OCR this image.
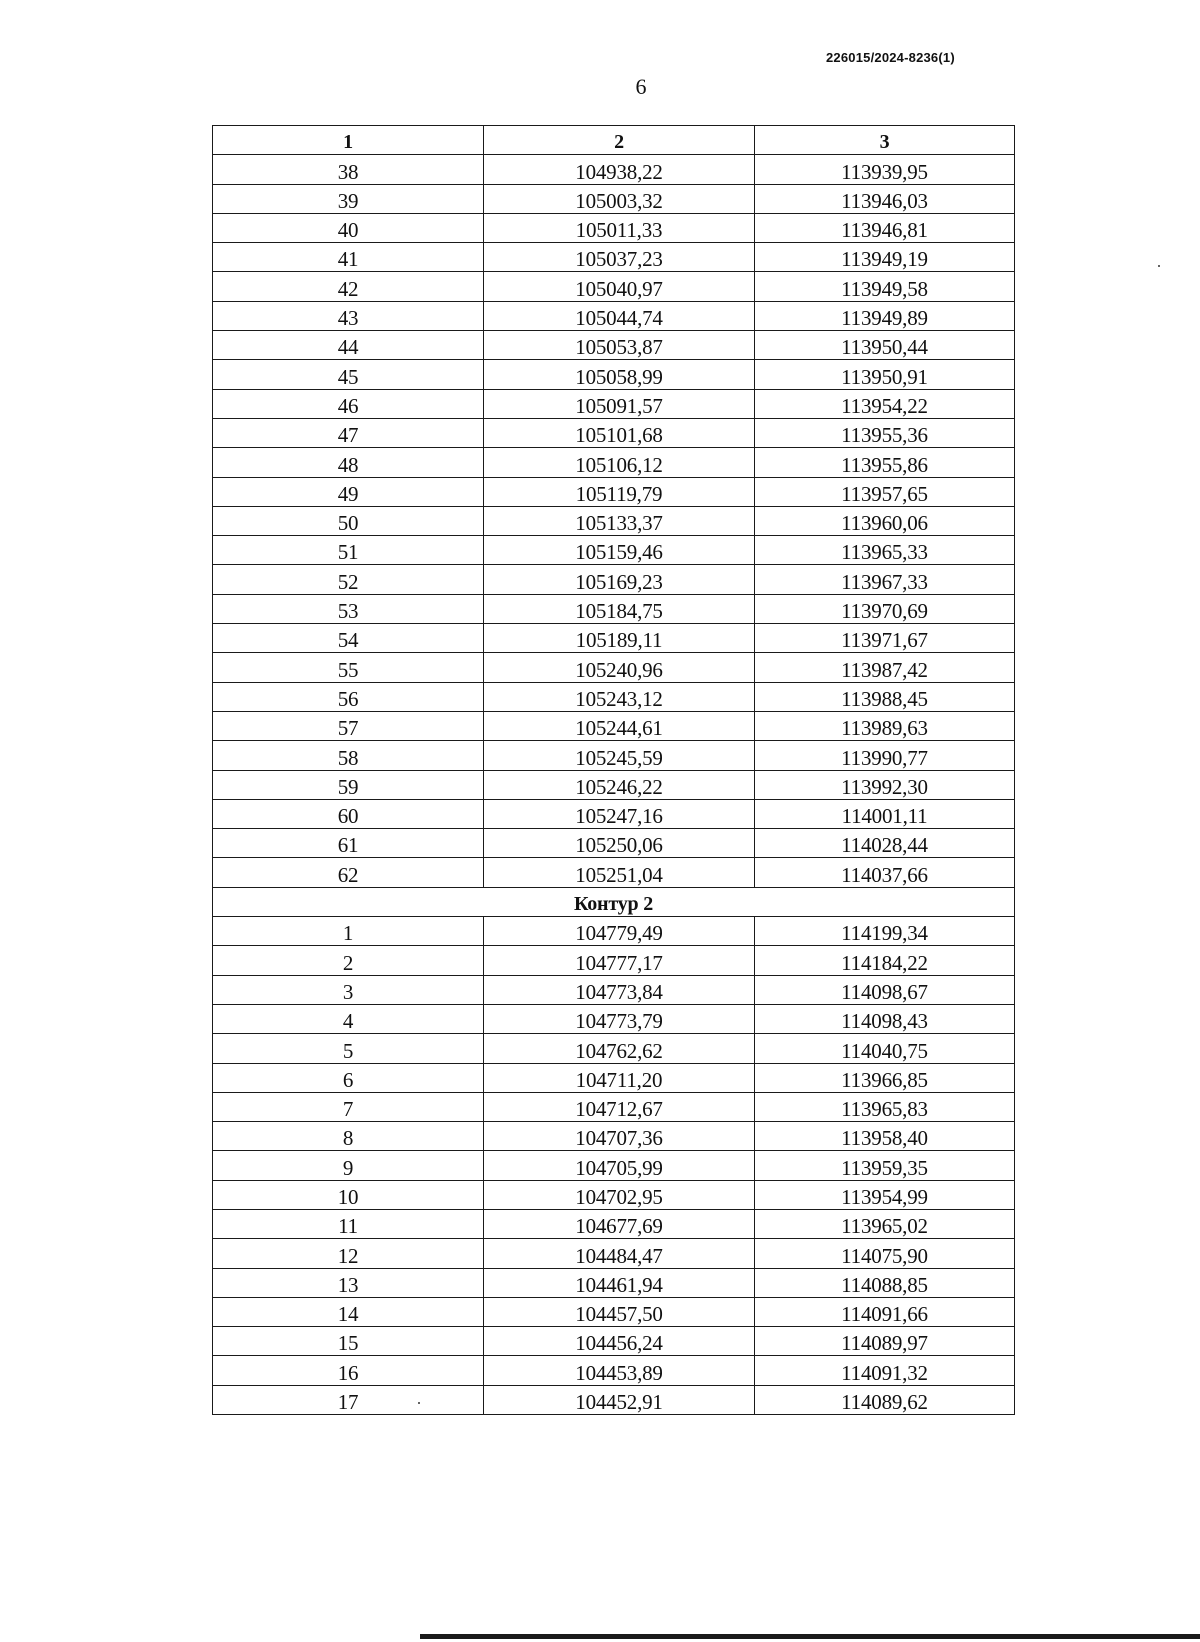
226015/2024-8236(1)
6
1	2	3
38	104938,22	113939,95
39	105003,32	113946,03
40	105011,33	113946,81
41	105037,23	113949,19
42	105040,97	113949,58
43	105044,74	113949,89
44	105053,87	113950,44
45	105058,99	113950,91
46	105091,57	113954,22
47	105101,68	113955,36
48	105106,12	113955,86
49	105119,79	113957,65
50	105133,37	113960,06
51	105159,46	113965,33
52	105169,23	113967,33
53	105184,75	113970,69
54	105189,11	113971,67
55	105240,96	113987,42
56	105243,12	113988,45
57	105244,61	113989,63
58	105245,59	113990,77
59	105246,22	113992,30
60	105247,16	114001,11
61	105250,06	114028,44
62	105251,04	114037,66
Контур 2		
1	104779,49	114199,34
2	104777,17	114184,22
3	104773,84	114098,67
4	104773,79	114098,43
5	104762,62	114040,75
6	104711,20	113966,85
7	104712,67	113965,83
8	104707,36	113958,40
9	104705,99	113959,35
10	104702,95	113954,99
11	104677,69	113965,02
12	104484,47	114075,90
13	104461,94	114088,85
14	104457,50	114091,66
15	104456,24	114089,97
16	104453,89	114091,32
17	104452,91	114089,62
